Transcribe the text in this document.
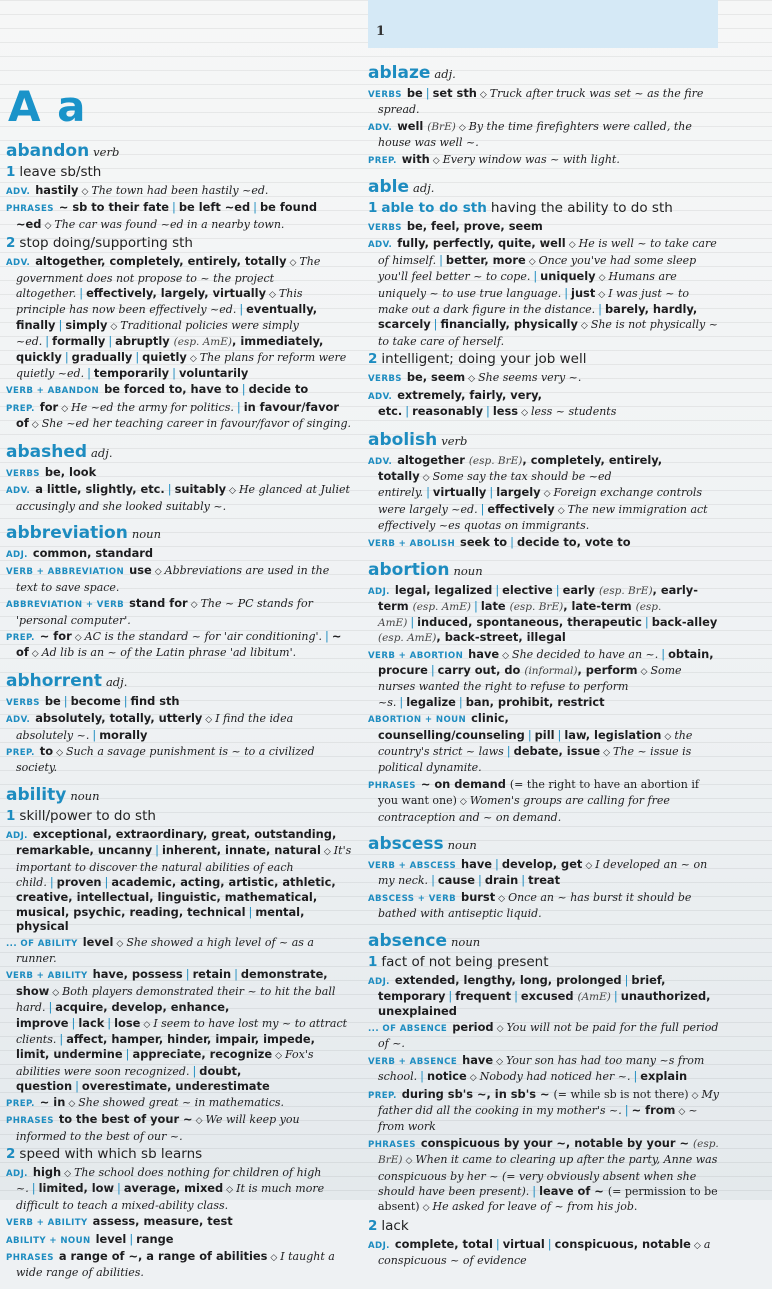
1
A a
abandon verb
1 leave sb/sth
ADV. hastily ◇ The town had been hastily ~ed.
PHRASES ~ sb to their fate | be left ~ed | be found ~ed ◇ The car was found ~ed in a nearby town.
2 stop doing/supporting sth
ADV. altogether, completely, entirely, totally ◇ The government does not propose to ~ the project altogether. | effectively, largely, virtually ◇ This principle has now been effectively ~ed. | eventually, finally | simply ◇ Traditional policies were simply ~ed. | formally | abruptly (esp. AmE), immediately, quickly | gradually | quietly ◇ The plans for reform were quietly ~ed. | temporarily | voluntarily
VERB + ABANDON be forced to, have to | decide to
PREP. for ◇ He ~ed the army for politics. | in favour/favor of ◇ She ~ed her teaching career in favour/favor of singing.
abashed adj.
VERBS be, look
ADV. a little, slightly, etc. | suitably ◇ He glanced at Juliet accusingly and she looked suitably ~.
abbreviation noun
ADJ. common, standard
VERB + ABBREVIATION use ◇ Abbreviations are used in the text to save space.
ABBREVIATION + VERB stand for ◇ The ~ PC stands for 'personal computer'.
PREP. ~ for ◇ AC is the standard ~ for 'air conditioning'. | ~ of ◇ Ad lib is an ~ of the Latin phrase 'ad libitum'.
abhorrent adj.
VERBS be | become | find sth
ADV. absolutely, totally, utterly ◇ I find the idea absolutely ~. | morally
PREP. to ◇ Such a savage punishment is ~ to a civilized society.
ability noun
1 skill/power to do sth
ADJ. exceptional, extraordinary, great, outstanding, remarkable, uncanny | inherent, innate, natural ◇ It's important to discover the natural abilities of each child. | proven | academic, acting, artistic, athletic, creative, intellectual, linguistic, mathematical, musical, psychic, reading, technical | mental, physical
... OF ABILITY level ◇ She showed a high level of ~ as a runner.
VERB + ABILITY have, possess | retain | demonstrate, show ◇ Both players demonstrated their ~ to hit the ball hard. | acquire, develop, enhance, improve | lack | lose ◇ I seem to have lost my ~ to attract clients. | affect, hamper, hinder, impair, impede, limit, undermine | appreciate, recognize ◇ Fox's abilities were soon recognized. | doubt, question | overestimate, underestimate
PREP. ~ in ◇ She showed great ~ in mathematics.
PHRASES to the best of your ~ ◇ We will keep you informed to the best of our ~.
2 speed with which sb learns
ADJ. high ◇ The school does nothing for children of high ~. | limited, low | average, mixed ◇ It is much more difficult to teach a mixed-ability class.
VERB + ABILITY assess, measure, test
ABILITY + NOUN level | range
PHRASES a range of ~, a range of abilities ◇ I taught a wide range of abilities.
ablaze adj.
VERBS be | set sth ◇ Truck after truck was set ~ as the fire spread.
ADV. well (BrE) ◇ By the time firefighters were called, the house was well ~.
PREP. with ◇ Every window was ~ with light.
able adj.
1 able to do sth having the ability to do sth
VERBS be, feel, prove, seem
ADV. fully, perfectly, quite, well ◇ He is well ~ to take care of himself. | better, more ◇ Once you've had some sleep you'll feel better ~ to cope. | uniquely ◇ Humans are uniquely ~ to use true language. | just ◇ I was just ~ to make out a dark figure in the distance. | barely, hardly, scarcely | financially, physically ◇ She is not physically ~ to take care of herself.
2 intelligent; doing your job well
VERBS be, seem ◇ She seems very ~.
ADV. extremely, fairly, very, etc. | reasonably | less ◇ less ~ students
abolish verb
ADV. altogether (esp. BrE), completely, entirely, totally ◇ Some say the tax should be ~ed entirely. | virtually | largely ◇ Foreign exchange controls were largely ~ed. | effectively ◇ The new immigration act effectively ~es quotas on immigrants.
VERB + ABOLISH seek to | decide to, vote to
abortion noun
ADJ. legal, legalized | elective | early (esp. BrE), early-term (esp. AmE) | late (esp. BrE), late-term (esp. AmE) | induced, spontaneous, therapeutic | back-alley (esp. AmE), back-street, illegal
VERB + ABORTION have ◇ She decided to have an ~. | obtain, procure | carry out, do (informal), perform ◇ Some nurses wanted the right to refuse to perform ~s. | legalize | ban, prohibit, restrict
ABORTION + NOUN clinic, counselling/counseling | pill | law, legislation ◇ the country's strict ~ laws | debate, issue ◇ The ~ issue is political dynamite.
PHRASES ~ on demand (= the right to have an abortion if you want one) ◇ Women's groups are calling for free contraception and ~ on demand.
abscess noun
VERB + ABSCESS have | develop, get ◇ I developed an ~ on my neck. | cause | drain | treat
ABSCESS + VERB burst ◇ Once an ~ has burst it should be bathed with antiseptic liquid.
absence noun
1 fact of not being present
ADJ. extended, lengthy, long, prolonged | brief, temporary | frequent | excused (AmE) | unauthorized, unexplained
... OF ABSENCE period ◇ You will not be paid for the full period of ~.
VERB + ABSENCE have ◇ Your son has had too many ~s from school. | notice ◇ Nobody had noticed her ~. | explain
PREP. during sb's ~, in sb's ~ (= while sb is not there) ◇ My father did all the cooking in my mother's ~. | ~ from ◇ ~ from work
PHRASES conspicuous by your ~, notable by your ~ (esp. BrE) ◇ When it came to clearing up after the party, Anne was conspicuous by her ~ (= very obviously absent when she should have been present). | leave of ~ (= permission to be absent) ◇ He asked for leave of ~ from his job.
2 lack
ADJ. complete, total | virtual | conspicuous, notable ◇ a conspicuous ~ of evidence
